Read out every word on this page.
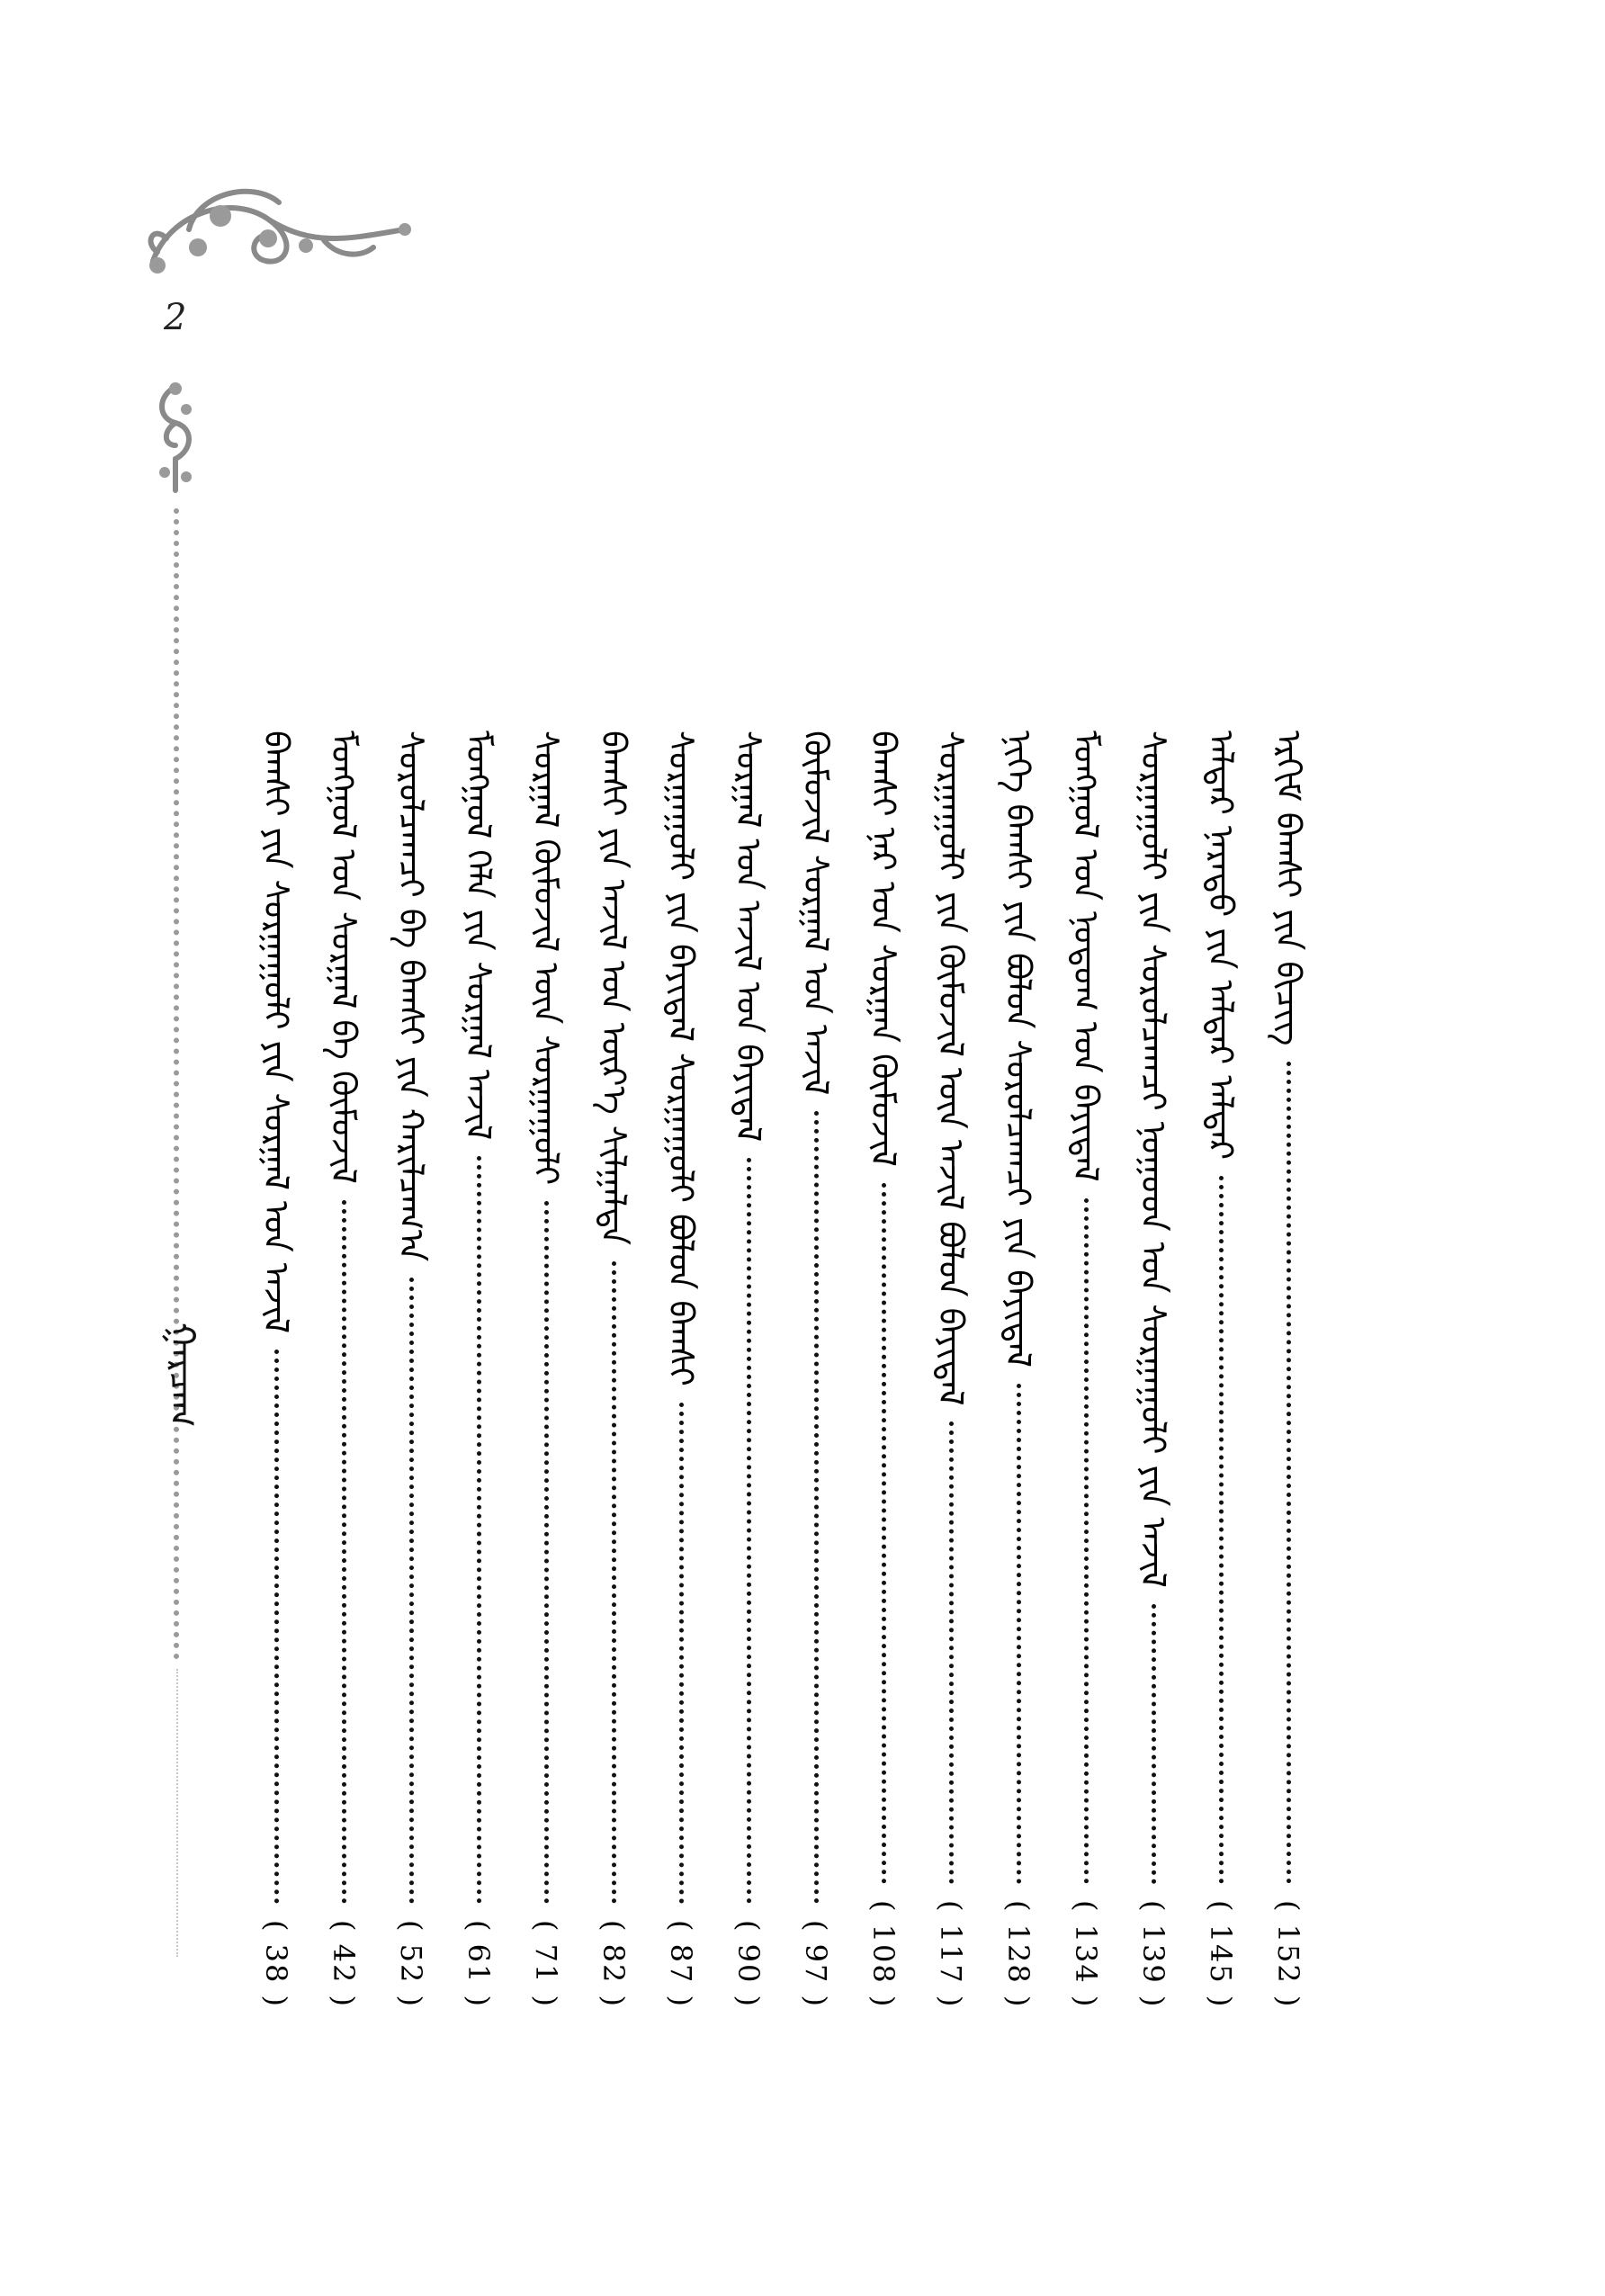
2
ᠭᠠᠷᠴᠠᠭ
ᠡᠷᠬᠢᠮ ᠪᠠᠭᠰᠢ ᠶᠢᠨ ᠪᠢᠴᠢᠭ
( 152 )
ᠠᠯᠳᠠᠷ ᠨᠡᠷᠡᠲᠦ ᠶᠢᠨ ᠠᠯᠳᠠᠷ ᠠᠯᠳᠠᠷ
( 145 )
ᠰᠤᠷᠭᠠᠭᠤᠯᠢ ᠶᠢᠨ ᠰᠤᠷᠤᠯᠴᠠᠭᠴᠢ ᠨᠤᠭᠤᠳ ᠤᠨ ᠰᠤᠷᠭᠠᠭᠤᠯᠢ ᠶᠢᠨ ᠠᠵᠢᠯ
( 139 )
ᠮᠣᠩᠭᠣᠯ ᠤᠨ ᠨᠤᠲᠤᠭ ᠤᠨ ᠪᠠᠶᠢᠳᠠᠯ
( 134 )
ᠨᠢᠭᠡ ᠪᠠᠭᠰᠢ ᠶᠢᠨ ᠪᠣᠯᠤᠨ ᠰᠤᠷᠤᠯᠴᠠᠭᠴᠢ ᠶᠢᠨ ᠪᠠᠶᠢᠳᠠᠯ
( 128 )
ᠰᠤᠷᠭᠠᠭᠤᠯᠢ ᠶᠢᠨ ᠬᠦᠮᠦᠵᠢᠯ ᠦᠨ ᠠᠵᠢᠯ ᠪᠣᠯᠤᠨ ᠪᠠᠶᠢᠳᠠᠯ
( 117 )
ᠪᠠᠭᠰᠢ ᠨᠠᠷ ᠤᠨ ᠰᠤᠷᠭᠠᠨ ᠬᠥᠮᠦᠵᠢᠯ
( 108 )
ᠬᠦᠮᠦᠵᠢᠯ ᠰᠤᠷᠭᠠᠯ ᠤᠨ ᠠᠵᠢᠯ
( 97 )
ᠰᠤᠷᠭᠠᠯ ᠤᠨ ᠠᠵᠢᠯ ᠤᠨ ᠪᠠᠶᠢᠳᠠᠯ
( 90 )
ᠰᠤᠷᠭᠠᠭᠤᠯᠢ ᠶᠢᠨ ᠪᠠᠶᠢᠳᠠᠯ ᠰᠤᠷᠭᠠᠭᠤᠯᠢ ᠪᠣᠯᠤᠨ ᠪᠠᠭᠰᠢ
( 87 )
ᠪᠠᠭᠰᠢ ᠶᠢᠨ ᠠᠵᠢᠯ ᠤᠨ ᠦᠷ᠎ᠡ ᠰᠢᠯᠭᠠᠯᠲᠠ
( 82 )
ᠰᠤᠷᠭᠠᠯ ᠬᠦᠮᠦᠵᠢᠯ ᠦᠨ ᠰᠤᠷᠭᠠᠭᠤᠯᠢ
( 71 )
ᠮᠣᠩᠭᠣᠯ ᠬᠡᠯᠡ ᠶᠢᠨ ᠰᠤᠷᠭᠠᠯ ᠠᠵᠢᠯ
( 61 )
ᠰᠤᠷᠤᠯᠴᠠᠭᠴᠢ ᠪᠠ ᠪᠠᠭᠰᠢ ᠶᠢᠨ ᠬᠠᠷᠢᠯᠴᠠᠭ᠎ᠠ
( 52 )
ᠮᠣᠩᠭᠣᠯ ᠤᠨ ᠰᠤᠷᠭᠠᠯ ᠪᠠ ᠬᠥᠮᠦᠵᠢᠯ
( 42 )
ᠪᠠᠭᠰᠢ ᠶᠢᠨ ᠰᠤᠷᠭᠠᠭᠤᠯᠢ ᠶᠢᠨ ᠰᠤᠷᠭᠠᠯ ᠤᠨ ᠠᠵᠢᠯ
( 38 )
